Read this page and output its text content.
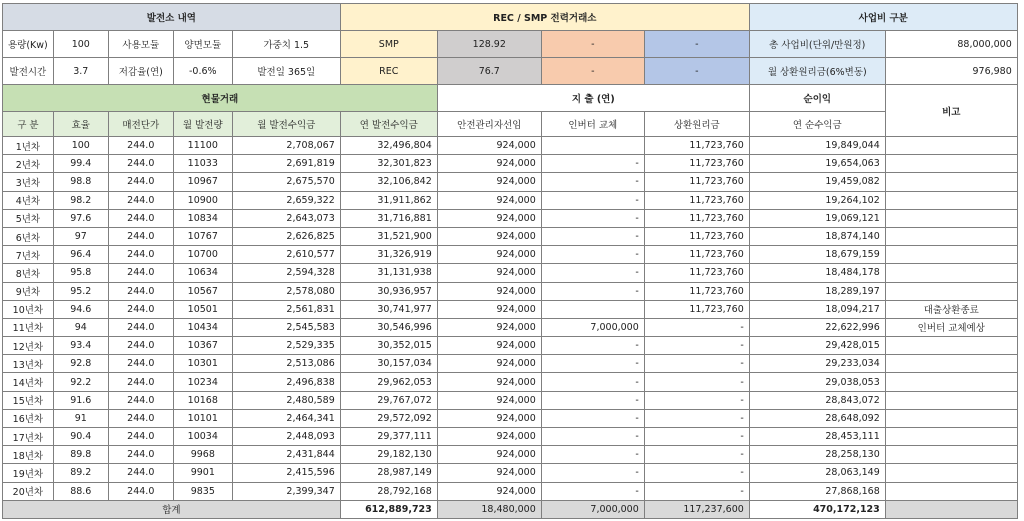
발전소 내역					REC / SMP 전력거래소				사업비 구분	
용량(Kw)	100	사용모듈	양면모듈	가중치 1.5	SMP	128.92	-	-	총 사업비(단위/만원정)	88,000,000
발전시간	3.7	저감율(연)	-0.6%	발전일 365일	REC	76.7	-	-	월 상환원리금(6%변동)	976,980
현물거래						지 출 (연)			순이익	비고
구 분	효율	매전단가	월 발전량	월 발전수익금	연 발전수익금	안전관리자선임	인버터 교체	상환원리금	연 순수익금	
1년차	100	244.0	11100	2,708,067	32,496,804	924,000		11,723,760	19,849,044	
2년차	99.4	244.0	11033	2,691,819	32,301,823	924,000	-	11,723,760	19,654,063	
3년차	98.8	244.0	10967	2,675,570	32,106,842	924,000	-	11,723,760	19,459,082	
4년차	98.2	244.0	10900	2,659,322	31,911,862	924,000	-	11,723,760	19,264,102	
5년차	97.6	244.0	10834	2,643,073	31,716,881	924,000	-	11,723,760	19,069,121	
6년차	97	244.0	10767	2,626,825	31,521,900	924,000	-	11,723,760	18,874,140	
7년차	96.4	244.0	10700	2,610,577	31,326,919	924,000	-	11,723,760	18,679,159	
8년차	95.8	244.0	10634	2,594,328	31,131,938	924,000	-	11,723,760	18,484,178	
9년차	95.2	244.0	10567	2,578,080	30,936,957	924,000	-	11,723,760	18,289,197	
10년차	94.6	244.0	10501	2,561,831	30,741,977	924,000		11,723,760	18,094,217	대출상환종료
11년차	94	244.0	10434	2,545,583	30,546,996	924,000	7,000,000	-	22,622,996	인버터 교체예상
12년차	93.4	244.0	10367	2,529,335	30,352,015	924,000	-	-	29,428,015	
13년차	92.8	244.0	10301	2,513,086	30,157,034	924,000	-	-	29,233,034	
14년차	92.2	244.0	10234	2,496,838	29,962,053	924,000	-	-	29,038,053	
15년차	91.6	244.0	10168	2,480,589	29,767,072	924,000	-	-	28,843,072	
16년차	91	244.0	10101	2,464,341	29,572,092	924,000	-	-	28,648,092	
17년차	90.4	244.0	10034	2,448,093	29,377,111	924,000	-	-	28,453,111	
18년차	89.8	244.0	9968	2,431,844	29,182,130	924,000	-	-	28,258,130	
19년차	89.2	244.0	9901	2,415,596	28,987,149	924,000	-	-	28,063,149	
20년차	88.6	244.0	9835	2,399,347	28,792,168	924,000	-	-	27,868,168	
합계					612,889,723	18,480,000	7,000,000	117,237,600	470,172,123	
